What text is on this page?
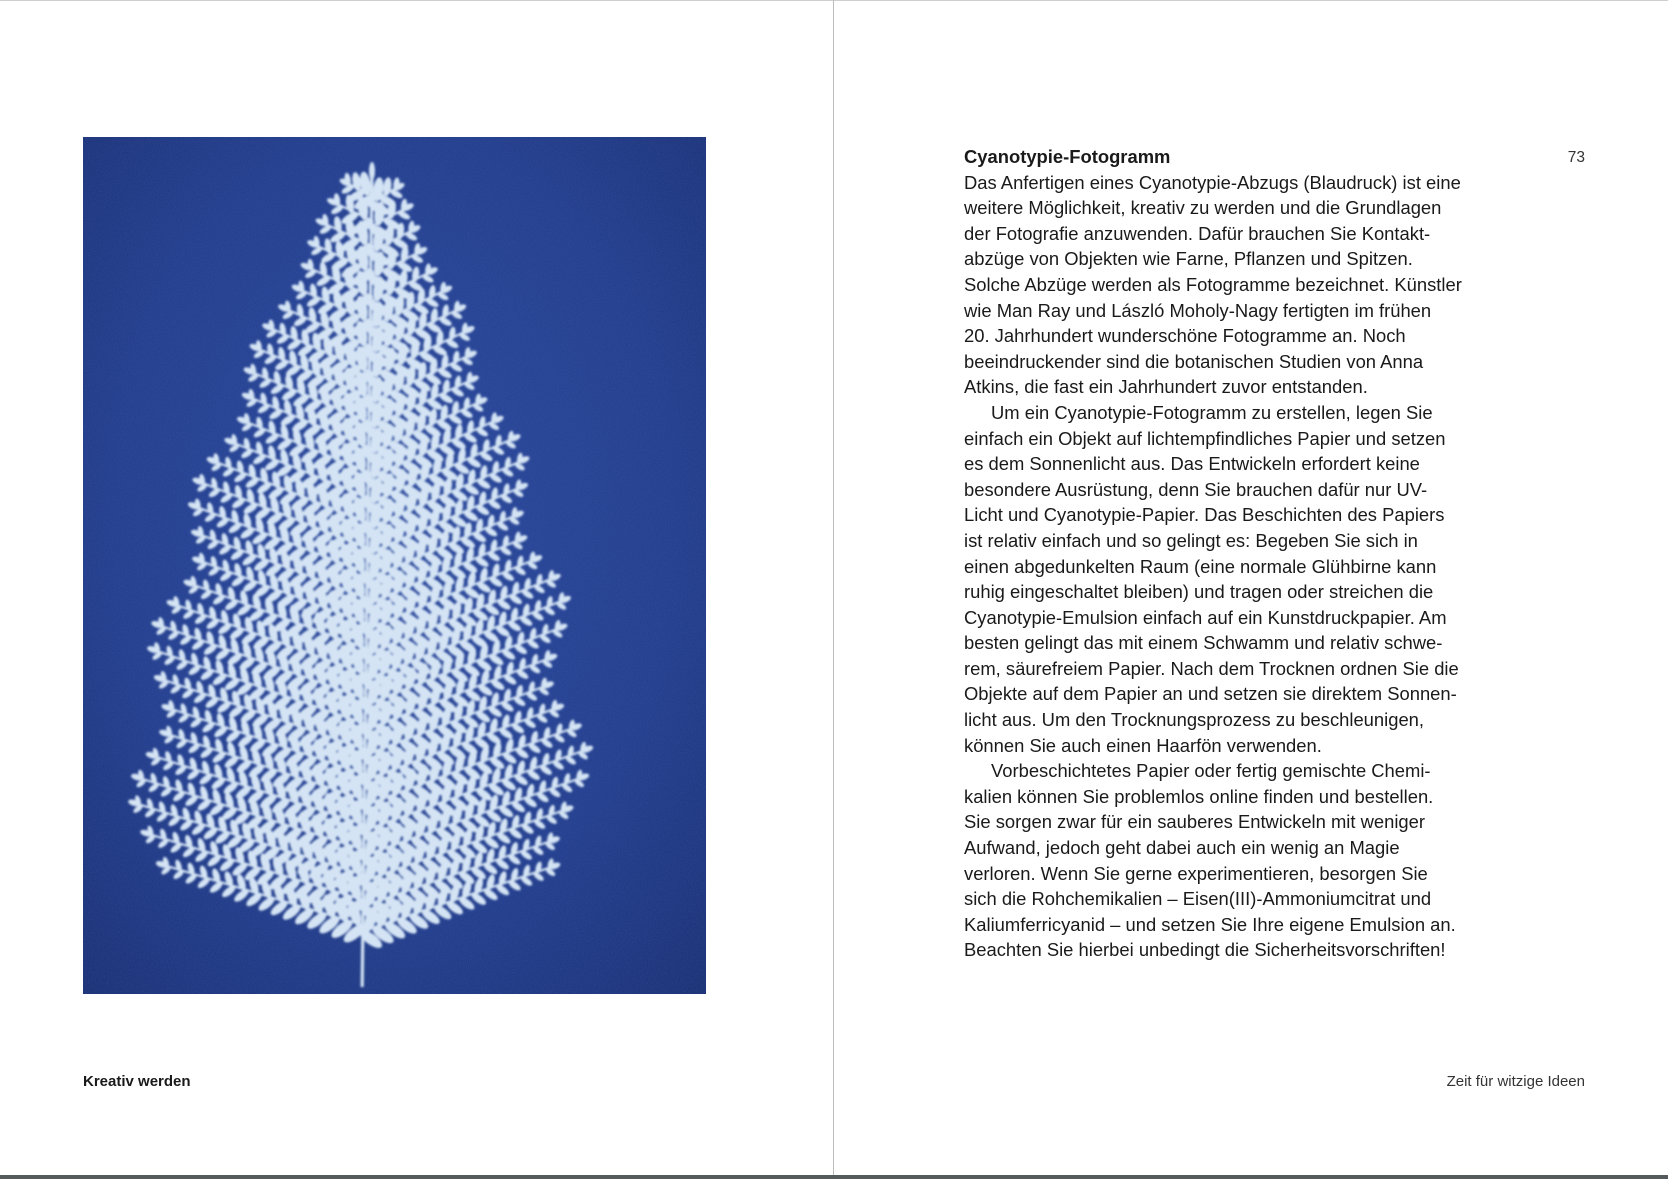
Kreativ werden
73
Cyanotypie-Fotogramm

Das Anfertigen eines Cyanotypie-Abzugs (Blaudruck) ist eine
weitere Möglichkeit, kreativ zu werden und die Grundlagen
der Fotografie anzuwenden. Dafür brauchen Sie Kontakt-
abzüge von Objekten wie Farne, Pflanzen und Spitzen.
Solche Abzüge werden als Fotogramme bezeichnet. Künstler
wie Man Ray und László Moholy-Nagy fertigten im frühen
20. Jahrhundert wunderschöne Fotogramme an. Noch
beeindruckender sind die botanischen Studien von Anna
Atkins, die fast ein Jahrhundert zuvor entstanden.

Um ein Cyanotypie-Fotogramm zu erstellen, legen Sie
einfach ein Objekt auf lichtempfindliches Papier und setzen
es dem Sonnenlicht aus. Das Entwickeln erfordert keine
besondere Ausrüstung, denn Sie brauchen dafür nur UV-
Licht und Cyanotypie-Papier. Das Beschichten des Papiers
ist relativ einfach und so gelingt es: Begeben Sie sich in
einen abgedunkelten Raum (eine normale Glühbirne kann
ruhig eingeschaltet bleiben) und tragen oder streichen die
Cyanotypie-Emulsion einfach auf ein Kunstdruckpapier. Am
besten gelingt das mit einem Schwamm und relativ schwe-
rem, säurefreiem Papier. Nach dem Trocknen ordnen Sie die
Objekte auf dem Papier an und setzen sie direktem Sonnen-
licht aus. Um den Trocknungsprozess zu beschleunigen,
können Sie auch einen Haarfön verwenden.

Vorbeschichtetes Papier oder fertig gemischte Chemi-
kalien können Sie problemlos online finden und bestellen.
Sie sorgen zwar für ein sauberes Entwickeln mit weniger
Aufwand, jedoch geht dabei auch ein wenig an Magie
verloren. Wenn Sie gerne experimentieren, besorgen Sie
sich die Rohchemikalien – Eisen(III)-Ammoniumcitrat und
Kaliumferricyanid – und setzen Sie Ihre eigene Emulsion an.
Beachten Sie hierbei unbedingt die Sicherheitsvorschriften!

Zeit für witzige Ideen
